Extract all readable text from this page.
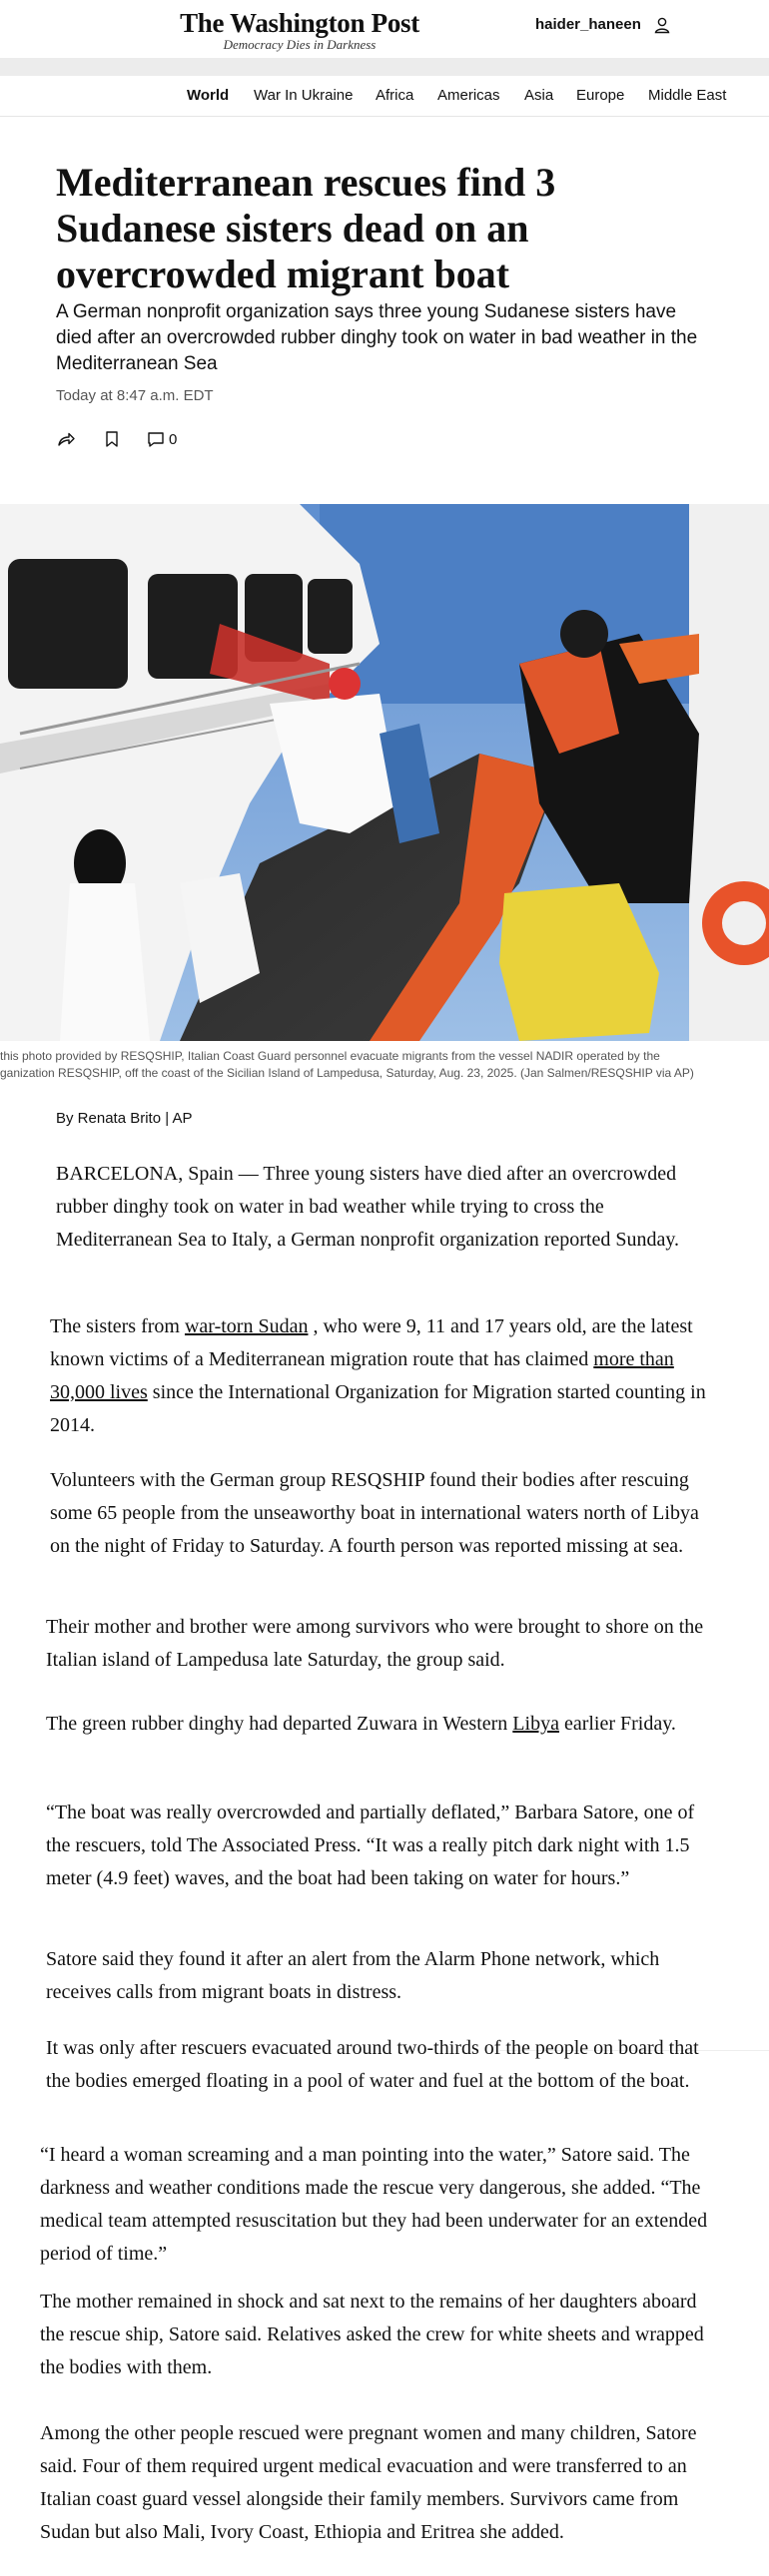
The Washington Post
Democracy Dies in Darkness
haider_haneen
World War In Ukraine Africa Americas Asia Europe Middle East
Mediterranean rescues find 3 Sudanese sisters dead on an overcrowded migrant boat

A German nonprofit organization says three young Sudanese sisters have died after an overcrowded rubber dinghy took on water in bad weather in the Mediterranean Sea

Today at 8:47 a.m. EDT
0
this photo provided by RESQSHIP, Italian Coast Guard personnel evacuate migrants from the vessel NADIR operated by the
ganization RESQSHIP, off the coast of the Sicilian Island of Lampedusa, Saturday, Aug. 23, 2025. (Jan Salmen/RESQSHIP via AP)
By Renata Brito | AP

BARCELONA, Spain — Three young sisters have died after an overcrowded rubber dinghy took on water in bad weather while trying to cross the Mediterranean Sea to Italy, a German nonprofit organization reported Sunday.

The sisters from war-torn Sudan , who were 9, 11 and 17 years old, are the latest known victims of a Mediterranean migration route that has claimed more than 30,000 lives since the International Organization for Migration started counting in 2014.

Volunteers with the German group RESQSHIP found their bodies after rescuing some 65 people from the unseaworthy boat in international waters north of Libya on the night of Friday to Saturday. A fourth person was reported missing at sea.

Their mother and brother were among survivors who were brought to shore on the Italian island of Lampedusa late Saturday, the group said.

The green rubber dinghy had departed Zuwara in Western Libya earlier Friday.

“The boat was really overcrowded and partially deflated,” Barbara Satore, one of the rescuers, told The Associated Press. “It was a really pitch dark night with 1.5 meter (4.9 feet) waves, and the boat had been taking on water for hours.”

Satore said they found it after an alert from the Alarm Phone network, which receives calls from migrant boats in distress.

It was only after rescuers evacuated around two-thirds of the people on board that the bodies emerged floating in a pool of water and fuel at the bottom of the boat.

“I heard a woman screaming and a man pointing into the water,” Satore said. The darkness and weather conditions made the rescue very dangerous, she added. “The medical team attempted resuscitation but they had been underwater for an extended period of time.”

The mother remained in shock and sat next to the remains of her daughters aboard the rescue ship, Satore said. Relatives asked the crew for white sheets and wrapped the bodies with them.

Among the other people rescued were pregnant women and many children, Satore said. Four of them required urgent medical evacuation and were transferred to an Italian coast guard vessel alongside their family members. Survivors came from Sudan but also Mali, Ivory Coast, Ethiopia and Eritrea she added.
